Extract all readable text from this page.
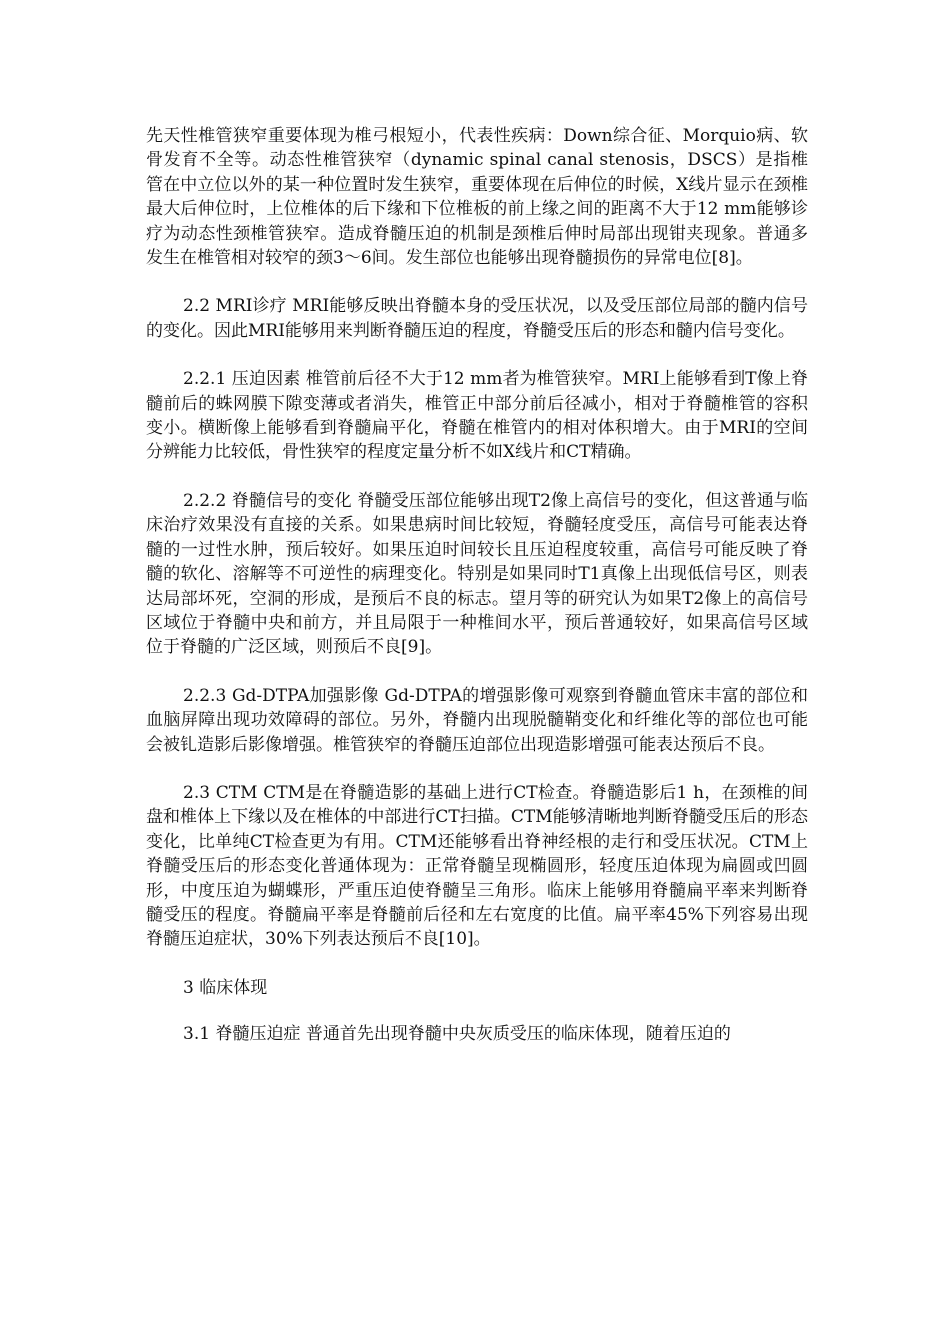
先天性椎管狭窄重要体现为椎弓根短小，代表性疾病：Down综合征、Morquio病、软骨发育不全等。动态性椎管狭窄（dynamic spinal canal stenosis，DSCS）是指椎管在中立位以外的某一种位置时发生狭窄，重要体现在后伸位的时候，X线片显示在颈椎最大后伸位时，上位椎体的后下缘和下位椎板的前上缘之间的距离不大于12 mm能够诊疗为动态性颈椎管狭窄。造成脊髓压迫的机制是颈椎后伸时局部出现钳夹现象。普通多发生在椎管相对较窄的颈3～6间。发生部位也能够出现脊髓损伤的异常电位[8]。

2.2 MRI诊疗 MRI能够反映出脊髓本身的受压状况，以及受压部位局部的髓内信号的变化。因此MRI能够用来判断脊髓压迫的程度，脊髓受压后的形态和髓内信号变化。

2.2.1 压迫因素 椎管前后径不大于12 mm者为椎管狭窄。MRI上能够看到T像上脊髓前后的蛛网膜下隙变薄或者消失，椎管正中部分前后径减小，相对于脊髓椎管的容积变小。横断像上能够看到脊髓扁平化，脊髓在椎管内的相对体积增大。由于MRI的空间分辨能力比较低，骨性狭窄的程度定量分析不如X线片和CT精确。

2.2.2 脊髓信号的变化 脊髓受压部位能够出现T2像上高信号的变化，但这普通与临床治疗效果没有直接的关系。如果患病时间比较短，脊髓轻度受压，高信号可能表达脊髓的一过性水肿，预后较好。如果压迫时间较长且压迫程度较重，高信号可能反映了脊髓的软化、溶解等不可逆性的病理变化。特别是如果同时T1真像上出现低信号区，则表达局部坏死，空洞的形成，是预后不良的标志。望月等的研究认为如果T2像上的高信号区域位于脊髓中央和前方，并且局限于一种椎间水平，预后普通较好，如果高信号区域位于脊髓的广泛区域，则预后不良[9]。

2.2.3 Gd-DTPA加强影像 Gd-DTPA的增强影像可观察到脊髓血管床丰富的部位和血脑屏障出现功效障碍的部位。另外，脊髓内出现脱髓鞘变化和纤维化等的部位也可能会被钆造影后影像增强。椎管狭窄的脊髓压迫部位出现造影增强可能表达预后不良。

2.3 CTM CTM是在脊髓造影的基础上进行CT检查。脊髓造影后1 h，在颈椎的间盘和椎体上下缘以及在椎体的中部进行CT扫描。CTM能够清晰地判断脊髓受压后的形态变化，比单纯CT检查更为有用。CTM还能够看出脊神经根的走行和受压状况。CTM上脊髓受压后的形态变化普通体现为：正常脊髓呈现椭圆形，轻度压迫体现为扁圆或凹圆形，中度压迫为蝴蝶形，严重压迫使脊髓呈三角形。临床上能够用脊髓扁平率来判断脊髓受压的程度。脊髓扁平率是脊髓前后径和左右宽度的比值。扁平率45%下列容易出现脊髓压迫症状，30%下列表达预后不良[10]。

3 临床体现

3.1 脊髓压迫症 普通首先出现脊髓中央灰质受压的临床体现，随着压迫的
